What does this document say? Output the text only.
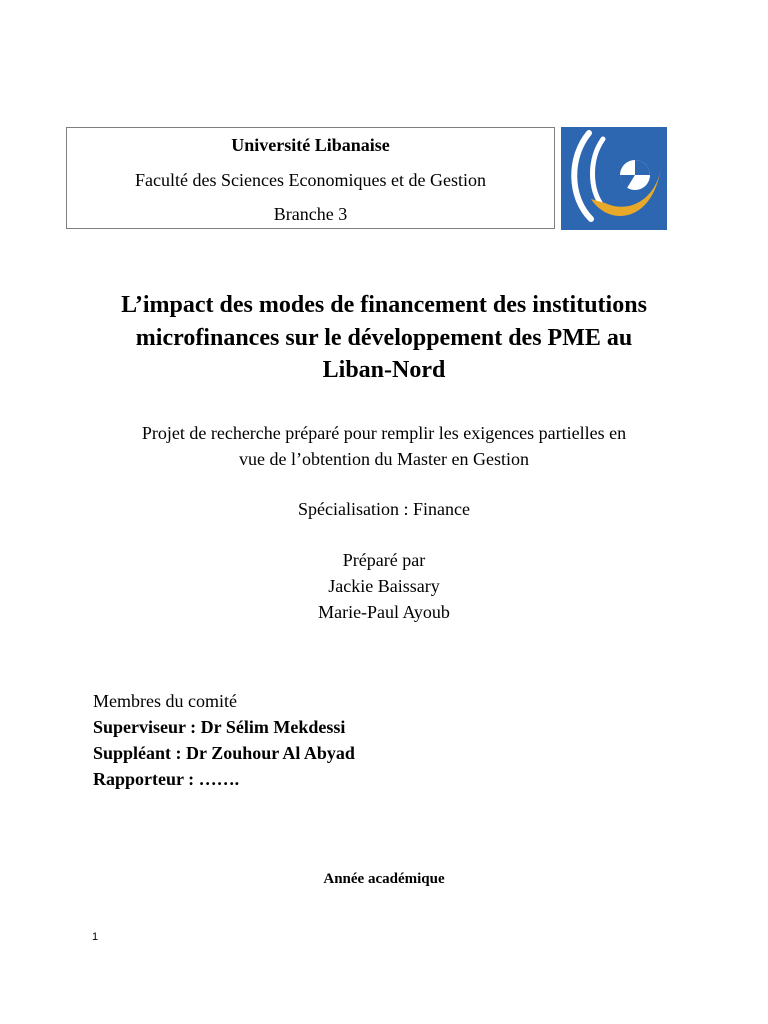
Université Libanaise
Faculté des Sciences Economiques et de Gestion
Branche 3
L’impact des modes de financement des institutions
microfinances sur le développement des PME au
Liban-Nord
Projet de recherche préparé pour remplir les exigences partielles en
vue de l’obtention du Master en Gestion
Spécialisation : Finance
Préparé par
Jackie Baissary
Marie-Paul Ayoub
Membres du comité
Superviseur : Dr Sélim Mekdessi
Suppléant : Dr Zouhour Al Abyad
Rapporteur : …….
Année académique
1
